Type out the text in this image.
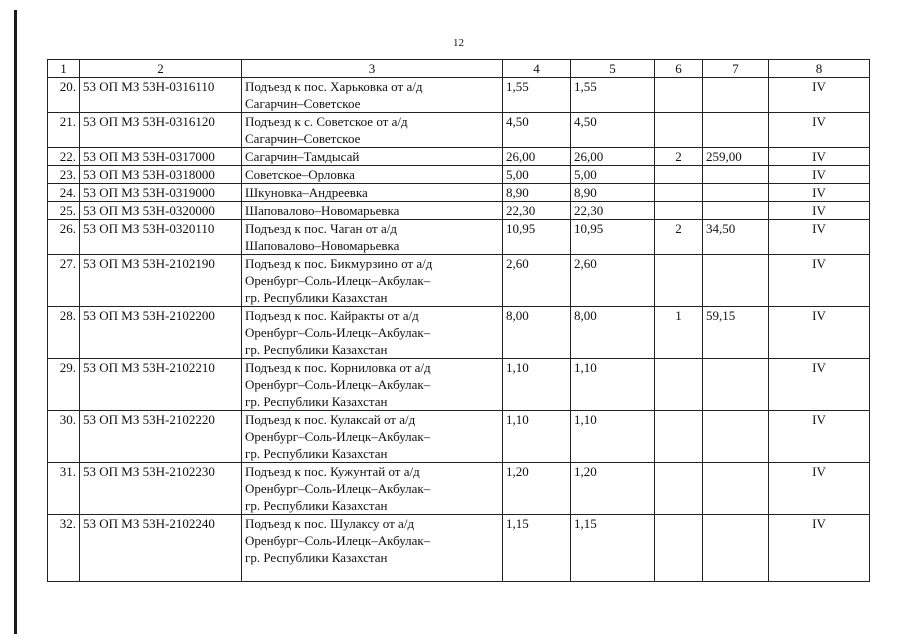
12
1	2	3	4	5	6	7	8
20.	53 ОП МЗ 53Н-0316110	Подъезд к пос. Харьковка от а/д
Сагарчин–Советское	1,55	1,55			IV
21.	53 ОП МЗ 53Н-0316120	Подъезд к с. Советское от а/д
Сагарчин–Советское	4,50	4,50			IV
22.	53 ОП МЗ 53Н-0317000	Сагарчин–Тамдысай	26,00	26,00	2	259,00	IV
23.	53 ОП МЗ 53Н-0318000	Советское–Орловка	5,00	5,00			IV
24.	53 ОП МЗ 53Н-0319000	Шкуновка–Андреевка	8,90	8,90			IV
25.	53 ОП МЗ 53Н-0320000	Шаповалово–Новомарьевка	22,30	22,30			IV
26.	53 ОП МЗ 53Н-0320110	Подъезд к пос. Чаган от а/д
Шаповалово–Новомарьевка	10,95	10,95	2	34,50	IV
27.	53 ОП МЗ 53Н-2102190	Подъезд к пос. Бикмурзино от а/д
Оренбург–Соль-Илецк–Акбулак–
гр. Республики Казахстан	2,60	2,60			IV
28.	53 ОП МЗ 53Н-2102200	Подъезд к пос. Кайракты от а/д
Оренбург–Соль-Илецк–Акбулак–
гр. Республики Казахстан	8,00	8,00	1	59,15	IV
29.	53 ОП МЗ 53Н-2102210	Подъезд к пос. Корниловка от а/д
Оренбург–Соль-Илецк–Акбулак–
гр. Республики Казахстан	1,10	1,10			IV
30.	53 ОП МЗ 53Н-2102220	Подъезд к пос. Кулаксай от а/д
Оренбург–Соль-Илецк–Акбулак–
гр. Республики Казахстан	1,10	1,10			IV
31.	53 ОП МЗ 53Н-2102230	Подъезд к пос. Кужунтай от а/д
Оренбург–Соль-Илецк–Акбулак–
гр. Республики Казахстан	1,20	1,20			IV
32.	53 ОП МЗ 53Н-2102240	Подъезд к пос. Шулаксу от а/д
Оренбург–Соль-Илецк–Акбулак–
гр. Республики Казахстан	1,15	1,15			IV
